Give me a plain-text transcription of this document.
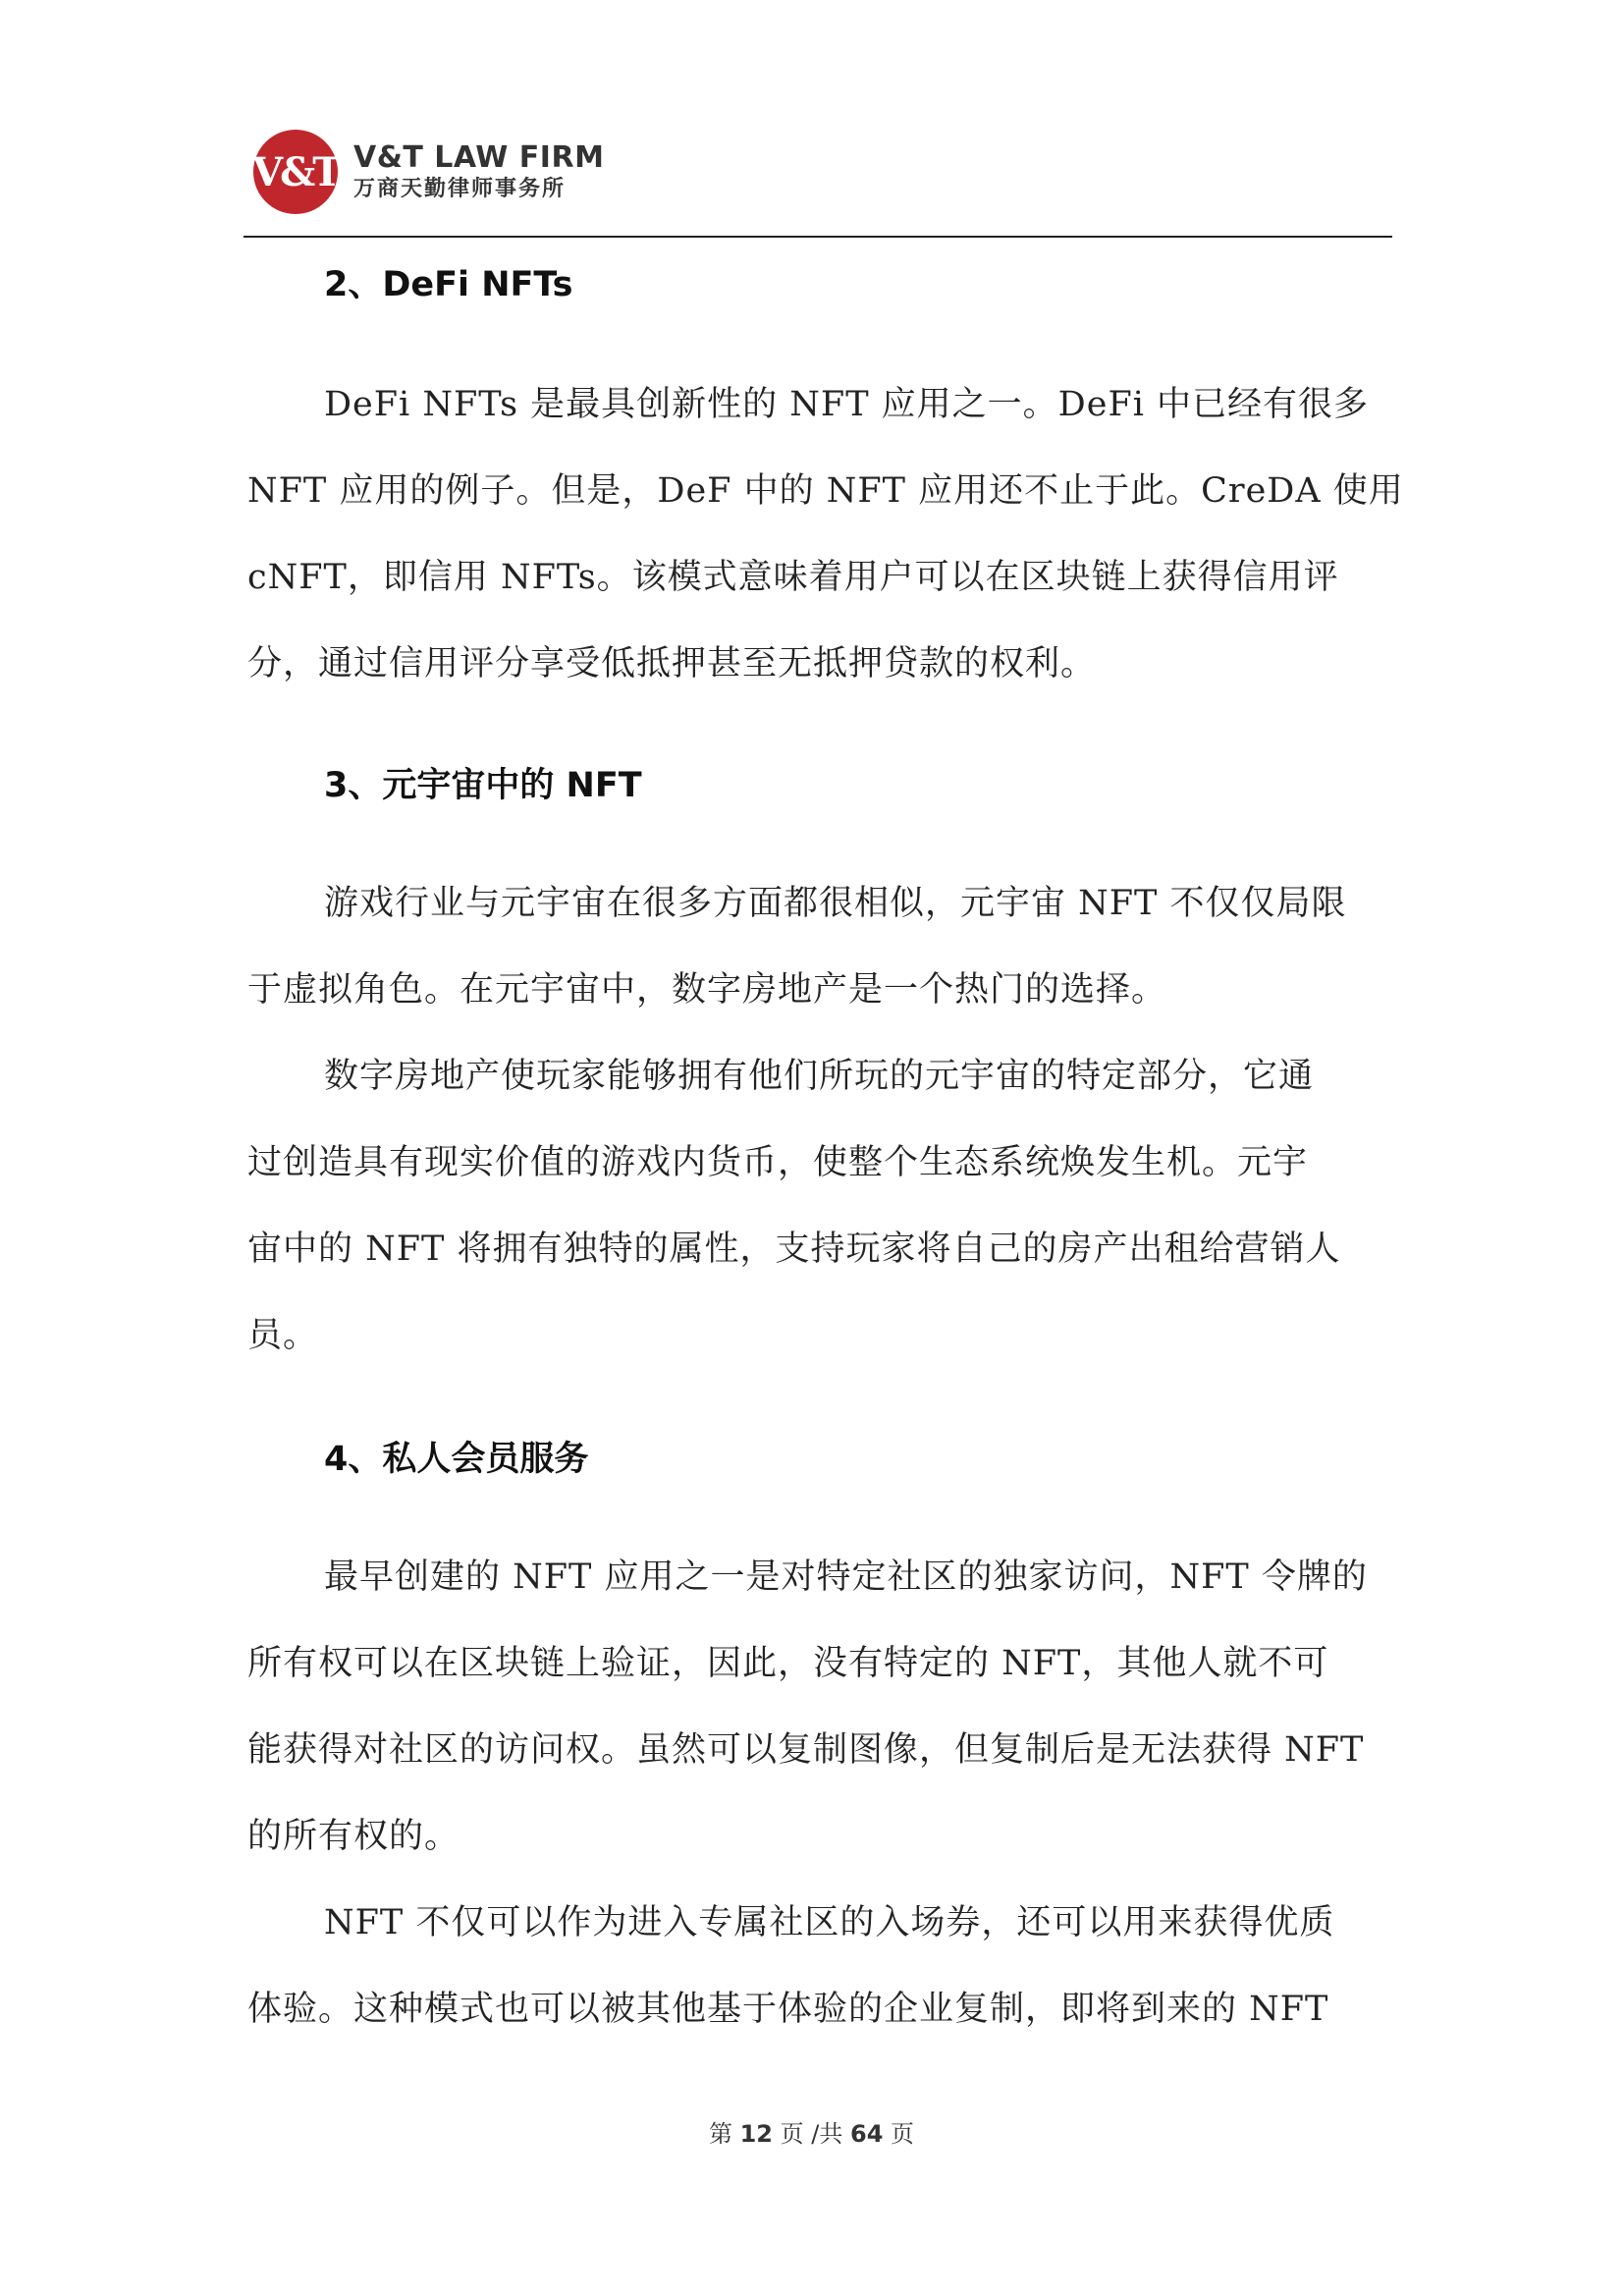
V&T V&T LAW FIRM
万商天勤律师事务所
2、DeFi NFTs
DeFi NFTs 是最具创新性的 NFT 应用之一。DeFi 中已经有很多
NFT 应用的例子。但是，DeF 中的 NFT 应用还不止于此。CreDA 使用
cNFT，即信用 NFTs。该模式意味着用户可以在区块链上获得信用评
分，通过信用评分享受低抵押甚至无抵押贷款的权利。
3、元宇宙中的 NFT
游戏行业与元宇宙在很多方面都很相似，元宇宙 NFT 不仅仅局限
于虚拟角色。在元宇宙中，数字房地产是一个热门的选择。
数字房地产使玩家能够拥有他们所玩的元宇宙的特定部分，它通
过创造具有现实价值的游戏内货币，使整个生态系统焕发生机。元宇
宙中的 NFT 将拥有独特的属性，支持玩家将自己的房产出租给营销人
员。
4、私人会员服务
最早创建的 NFT 应用之一是对特定社区的独家访问，NFT 令牌的
所有权可以在区块链上验证，因此，没有特定的 NFT，其他人就不可
能获得对社区的访问权。虽然可以复制图像，但复制后是无法获得 NFT
的所有权的。
NFT 不仅可以作为进入专属社区的入场券，还可以用来获得优质
体验。这种模式也可以被其他基于体验的企业复制，即将到来的 NFT
第 12 页 /共 64 页
